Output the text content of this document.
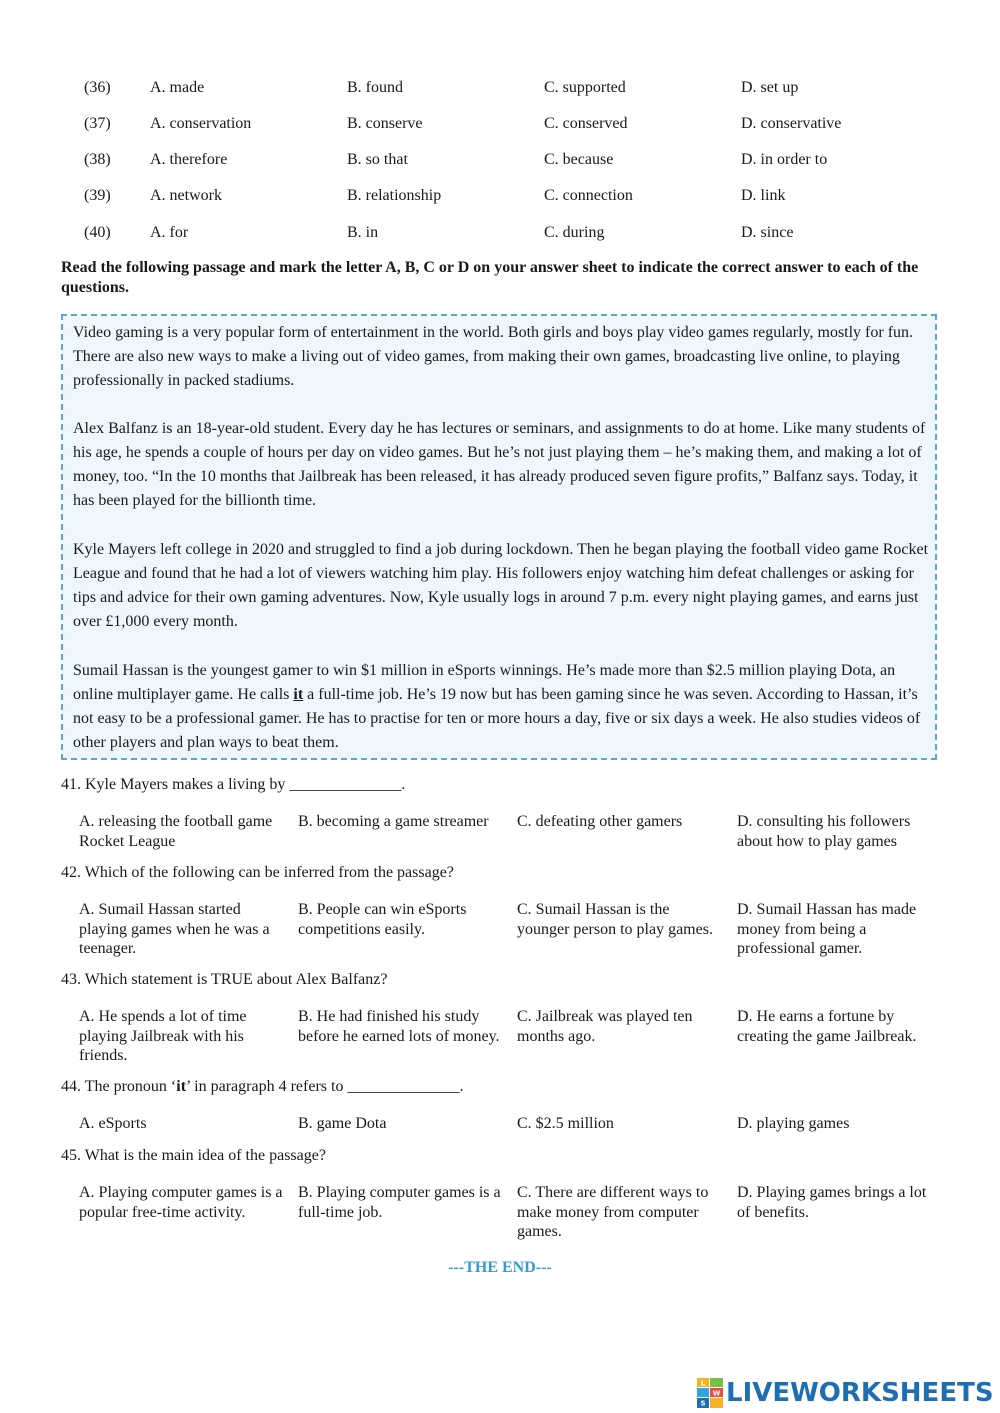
(36) A. made	B. found	C. supported	D. set up
(37) A. conservation	B. conserve	C. conserved	D. conservative
(38) A. therefore	B. so that	C. because	D. in order to
(39) A. network	B. relationship	C. connection	D. link
(40) A. for	B. in	C. during	D. since

Read the following passage and mark the letter A, B, C or D on your answer sheet to indicate the correct answer to each of the questions.

Video gaming is a very popular form of entertainment in the world. Both girls and boys play video games regularly, mostly for fun. There are also new ways to make a living out of video games, from making their own games, broadcasting live online, to playing professionally in packed stadiums.

Alex Balfanz is an 18-year-old student. Every day he has lectures or seminars, and assignments to do at home. Like many students of his age, he spends a couple of hours per day on video games. But he’s not just playing them – he’s making them, and making a lot of money, too. “In the 10 months that Jailbreak has been released, it has already produced seven figure profits,” Balfanz says. Today, it has been played for the billionth time.

Kyle Mayers left college in 2020 and struggled to find a job during lockdown. Then he began playing the football video game Rocket League and found that he had a lot of viewers watching him play. His followers enjoy watching him defeat challenges or asking for tips and advice for their own gaming adventures. Now, Kyle usually logs in around 7 p.m. every night playing games, and earns just over £1,000 every month.

Sumail Hassan is the youngest gamer to win $1 million in eSports winnings. He’s made more than $2.5 million playing Dota, an online multiplayer game. He calls it a full-time job. He’s 19 now but has been gaming since he was seven. According to Hassan, it’s not easy to be a professional gamer. He has to practise for ten or more hours a day, five or six days a week. He also studies videos of other players and plan ways to beat them.

41. Kyle Mayers makes a living by ______________.

A. releasing the football game Rocket League

B. becoming a game streamer	C. defeating other gamers	D. consulting his followers about how to play games

42. Which of the following can be inferred from the passage?

A. Sumail Hassan started playing games when he was a teenager.

B. People can win eSports competitions easily.

C. Sumail Hassan is the younger person to play games.

D. Sumail Hassan has made money from being a professional gamer.

43. Which statement is TRUE about Alex Balfanz?

A. He spends a lot of time playing Jailbreak with his friends.

B. He had finished his study before he earned lots of money.

C. Jailbreak was played ten months ago.

D. He earns a fortune by creating the game Jailbreak.

44. The pronoun ‘it’ in paragraph 4 refers to ______________.

A. eSports	B. game Dota	C. $2.5 million	D. playing games

45. What is the main idea of the passage?

A. Playing computer games is a popular free-time activity.

B. Playing computer games is a full-time job.

C. There are different ways to make money from computer games.

D. Playing games brings a lot of benefits.

---THE END---
L
W
S LIVEWORKSHEETS
